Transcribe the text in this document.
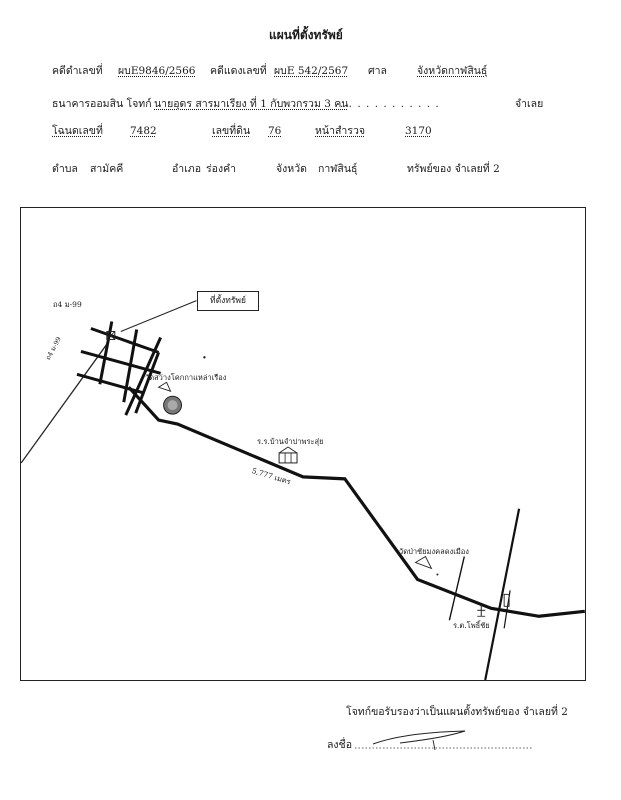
แผนที่ตั้งทรัพย์
คดีดำเลขที่ ผบE9846/2566 คดีแดงเลขที่ ผบE 542/2567 ศาล	จังหวัดกาฬสินธุ์
ธนาคารออมสิน โจทก์ นายอุดร สารมาเรียง ที่ 1 กับพวกรวม 3 คน
. . . . . . . . . . . .	จำเลย
โฉนดเลขที่	7482	เลขที่ดิน 76	หน้าสำรวจ	3170
ตำบล สามัคคี	อำเภอ ร่องคำ	จังหวัด กาฬสินธุ์	ทรัพย์ของ จำเลยที่ 2
ที่ตั้งทรัพย์
ถ4 ม-99
ถ4 ม-99
วัดสว่างโคกกาแหล่าเรือง
ร.ร.บ้านจำปาพระสุ่ย
5,777 เมตร
วัดป่าชัยมงคลดงเมือง
ร.ต.โพธิ์ชัย
โจทก์ขอรับรองว่าเป็นแผนตั้งทรัพย์ของ จำเลยที่ 2
ลงชื่อ
